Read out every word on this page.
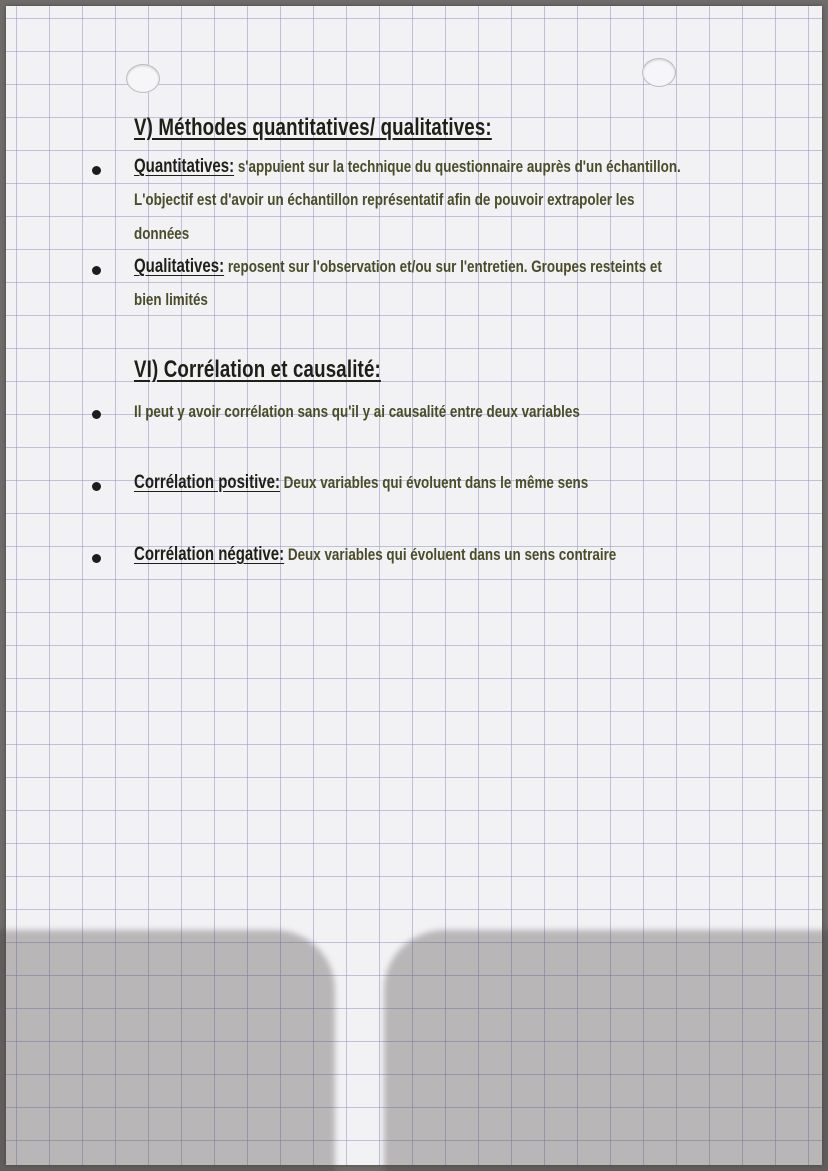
V) Méthodes quantitatives/ qualitatives:
Quantitatives: s'appuient sur la technique du questionnaire auprès d'un échantillon.
L'objectif est d'avoir un échantillon représentatif afin de pouvoir extrapoler les
données
Qualitatives: reposent sur l'observation et/ou sur l'entretien. Groupes resteints et
bien limités
VI) Corrélation et causalité:
Il peut y avoir corrélation sans qu'il y ai causalité entre deux variables
Corrélation positive: Deux variables qui évoluent dans le même sens
Corrélation négative: Deux variables qui évoluent dans un sens contraire
